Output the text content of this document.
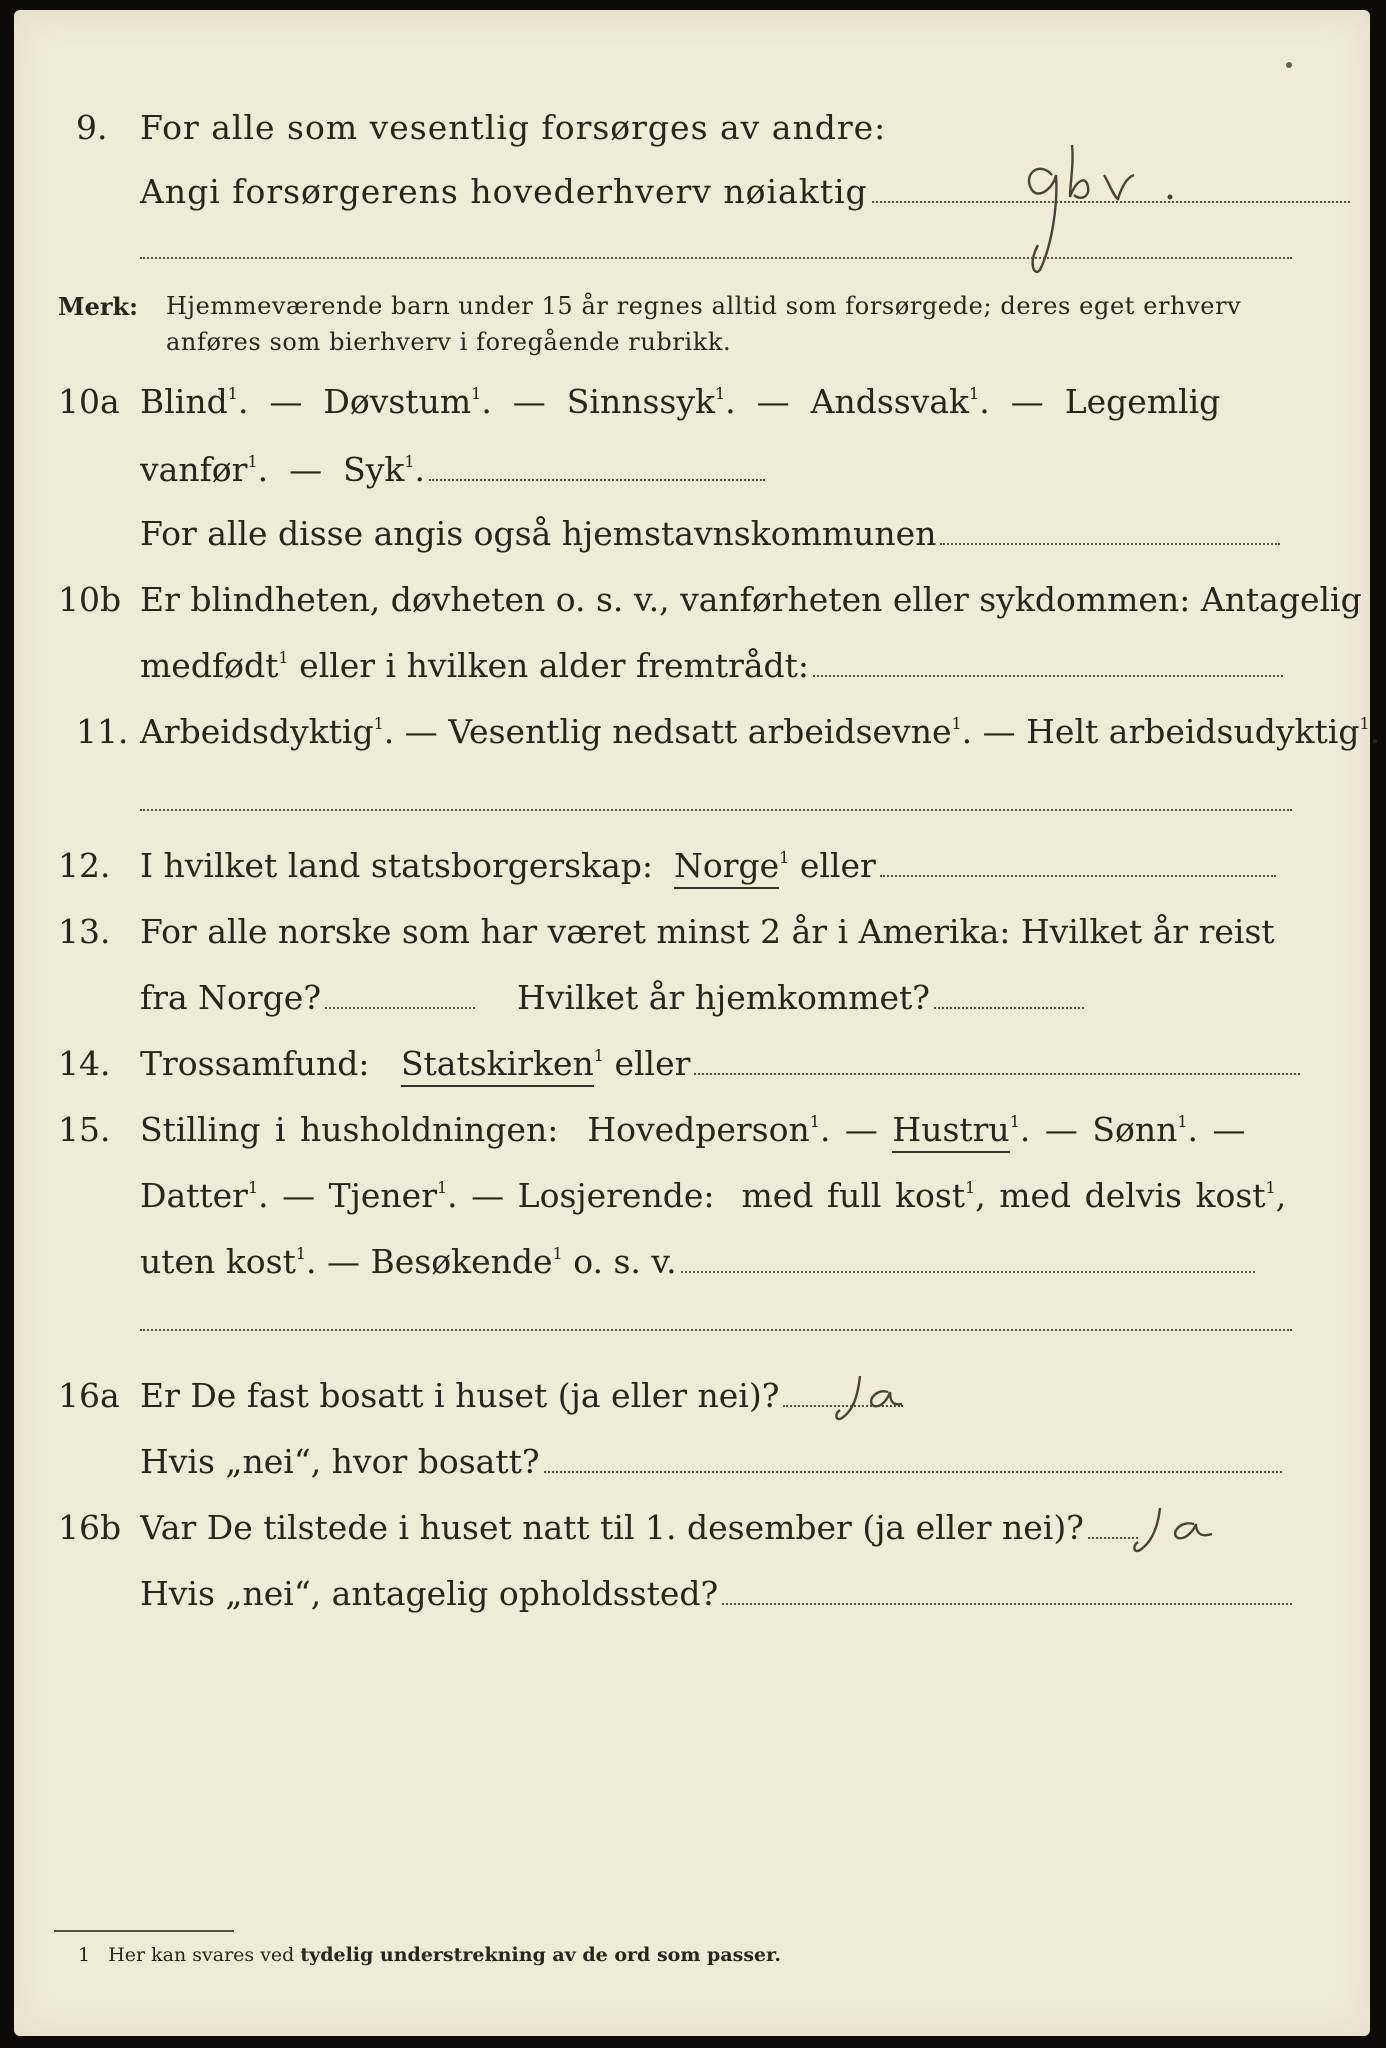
9. For alle som vesentlig forsørges av andre:
Angi forsørgerens hovederhverv nøiaktig
Merk: Hjemmeværende barn under 15 år regnes alltid som forsørgede; deres eget erhverv
anføres som bierhverv i foregående rubrikk.
10a Blind$^1$.  — Døvstum$^1$.  — Sinnssyk$^1$.  — Andssvak$^1$.  — Legemlig
vanfør$^1$.  — Syk$^1$.
For alle disse angis også hjemstavnskommunen
10b Er blindheten, døvheten o. s. v., vanførheten eller sykdommen: Antagelig
medfødt$^1$ eller i hvilken alder fremtrådt:
11. Arbeidsdyktig$^1$. — Vesentlig nedsatt arbeidsevne$^1$. — Helt arbeidsudyktig$^1$.
12. I hvilket land statsborgerskap: Norge$^1$ eller
13. For alle norske som har været minst 2 år i Amerika: Hvilket år reist
fra Norge?	Hvilket år hjemkommet?
14. Trossamfund: Statskirken$^1$ eller
15. Stilling i husholdningen: Hovedperson$^1$. — Hustru$^1$. — Sønn$^1$. —
Datter$^1$. — Tjener$^1$. — Losjerende: med full kost$^1$, med delvis kost$^1$,
uten kost$^1$. — Besøkende$^1$ o. s. v.
16a Er De fast bosatt i huset (ja eller nei)?
Hvis „nei“, hvor bosatt?
16b Var De tilstede i huset natt til 1. desember (ja eller nei)?
Hvis „nei“, antagelig opholdssted?
1 Her kan svares ved tydelig understrekning av de ord som passer.
